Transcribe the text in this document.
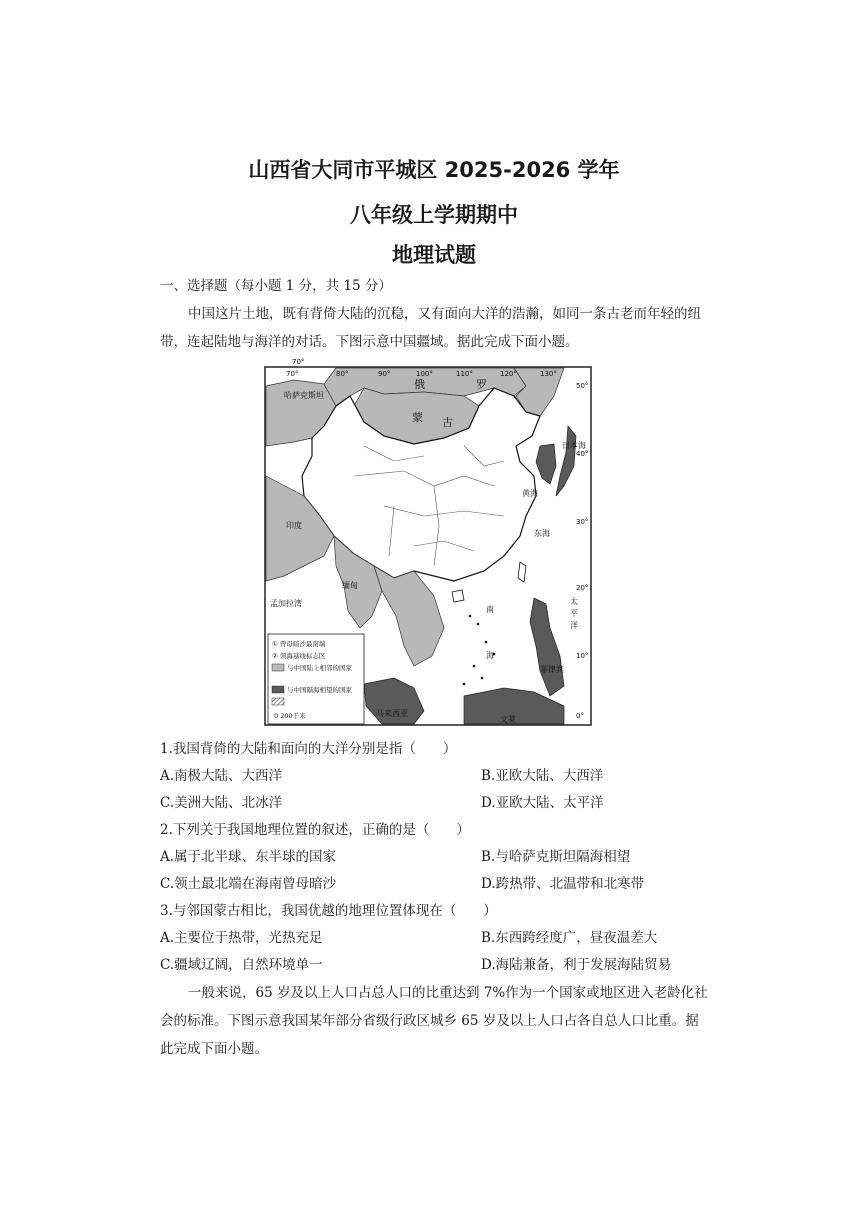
山西省大同市平城区 2025-2026 学年
八年级上学期期中
地理试题
一、选择题（每小题 1 分，共 15 分）
中国这片土地，既有背倚大陆的沉稳，又有面向大洋的浩瀚，如同一条古老而年轻的纽
带，连起陆地与海洋的对话。下图示意中国疆域。据此完成下面小题。
70°
70°	80°	90°	100°	110°	120°	130°
50°
40°
30°
20°
10°
0°
哈萨克斯坦
俄	罗
蒙 古
日本海
黄海
东海
太
平
洋
南
海
印度
孟加拉湾
缅甸
菲律宾
文莱
马来西亚
① 曾母暗沙最南端
② 领海基线标志区
与中国陆上相邻的国家
与中国隔海相望的国家
0 200千米
1.我国背倚的大陆和面向的大洋分别是指（　　）
A.南极大陆、大西洋	B.亚欧大陆、大西洋
C.美洲大陆、北冰洋	D.亚欧大陆、太平洋
2.下列关于我国地理位置的叙述，正确的是（　　）
A.属于北半球、东半球的国家	B.与哈萨克斯坦隔海相望
C.领土最北端在海南曾母暗沙	D.跨热带、北温带和北寒带
3.与邻国蒙古相比，我国优越的地理位置体现在（　　）
A.主要位于热带，光热充足	B.东西跨经度广，昼夜温差大
C.疆域辽阔，自然环境单一	D.海陆兼备，利于发展海陆贸易
一般来说，65 岁及以上人口占总人口的比重达到 7%作为一个国家或地区进入老龄化社
会的标准。下图示意我国某年部分省级行政区城乡 65 岁及以上人口占各自总人口比重。据
此完成下面小题。
